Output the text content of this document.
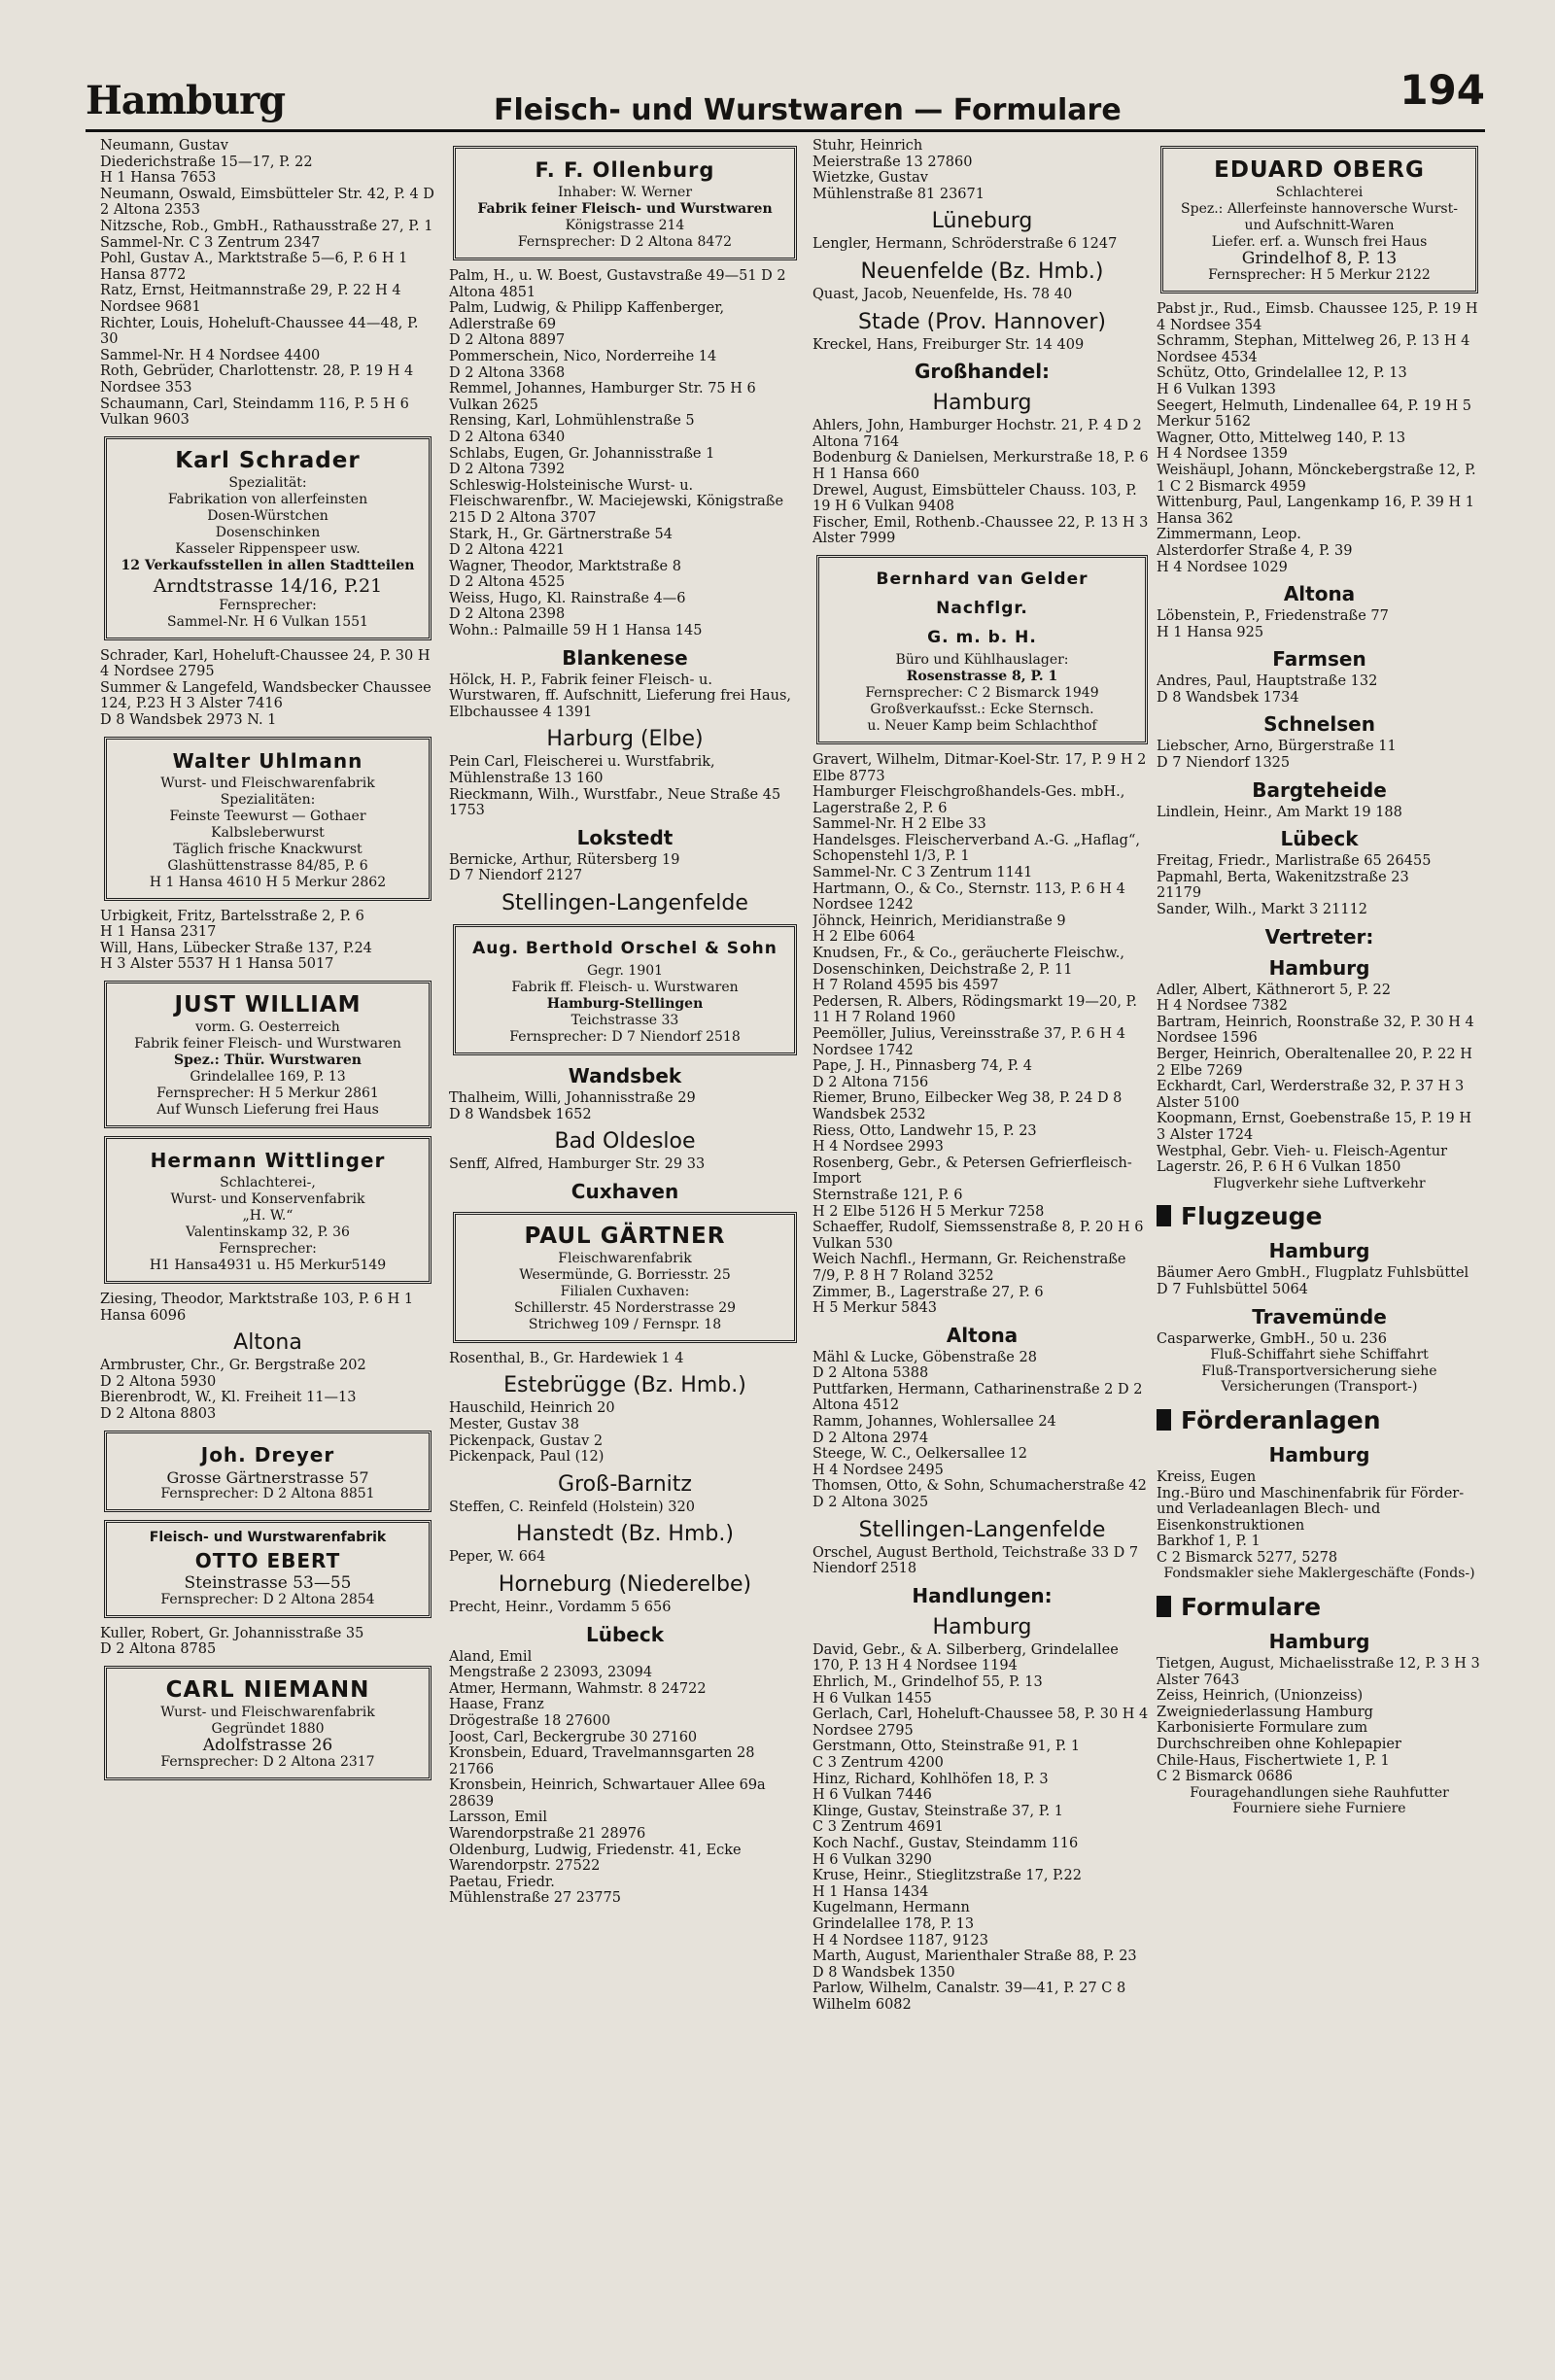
Hamburg	Fleisch- und Wurstwaren — Formulare	194

Neumann, Gustav

Diederichstraße 15—17, P. 22

H 1 Hansa 7653

Neumann, Oswald, Eimsbütteler Str. 42, P. 4 D 2 Altona 2353

Nitzsche, Rob., GmbH., Rathausstraße 27, P. 1

Sammel-Nr. C 3 Zentrum 2347

Pohl, Gustav A., Marktstraße 5—6, P. 6 H 1 Hansa 8772

Ratz, Ernst, Heitmannstraße 29, P. 22 H 4 Nordsee 9681

Richter, Louis, Hoheluft-Chaussee 44—48, P. 30

Sammel-Nr. H 4 Nordsee 4400

Roth, Gebrüder, Charlottenstr. 28, P. 19 H 4 Nordsee 353

Schaumann, Carl, Steindamm 116, P. 5 H 6 Vulkan 9603

Karl Schrader
Spezialität:
Fabrikation von allerfeinsten
Dosen-Würstchen
Dosenschinken
Kasseler Rippenspeer usw.
12 Verkaufsstellen in allen Stadtteilen
Arndtstrasse 14/16, P.21
Fernsprecher:
Sammel-Nr. H 6 Vulkan 1551

Schrader, Karl, Hoheluft-Chaussee 24, P. 30 H 4 Nordsee 2795

Summer & Langefeld, Wandsbecker Chaussee 124, P.23 H 3 Alster 7416

D 8 Wandsbek 2973 N. 1

Walter Uhlmann
Wurst- und Fleischwarenfabrik
Spezialitäten:
Feinste Teewurst — Gothaer
Kalbsleberwurst
Täglich frische Knackwurst
Glashüttenstrasse 84/85, P. 6
H 1 Hansa 4610 H 5 Merkur 2862

Urbigkeit, Fritz, Bartelsstraße 2, P. 6

H 1 Hansa 2317

Will, Hans, Lübecker Straße 137, P.24

H 3 Alster 5537 H 1 Hansa 5017

JUST WILLIAM
vorm. G. Oesterreich
Fabrik feiner Fleisch- und Wurstwaren
Spez.: Thür. Wurstwaren
Grindelallee 169, P. 13
Fernsprecher: H 5 Merkur 2861
Auf Wunsch Lieferung frei Haus
Hermann Wittlinger
Schlachterei-,
Wurst- und Konservenfabrik
„H. W.“
Valentinskamp 32, P. 36
Fernsprecher:
H1 Hansa4931 u. H5 Merkur5149

Ziesing, Theodor, Marktstraße 103, P. 6 H 1 Hansa 6096

Altona

Armbruster, Chr., Gr. Bergstraße 202

D 2 Altona 5930

Bierenbrodt, W., Kl. Freiheit 11—13

D 2 Altona 8803

Joh. Dreyer
Grosse Gärtnerstrasse 57
Fernsprecher: D 2 Altona 8851
Fleisch- und Wurstwarenfabrik
OTTO EBERT
Steinstrasse 53—55
Fernsprecher: D 2 Altona 2854

Kuller, Robert, Gr. Johannisstraße 35

D 2 Altona 8785

CARL NIEMANN
Wurst- und Fleischwarenfabrik
Gegründet 1880
Adolfstrasse 26
Fernsprecher: D 2 Altona 2317
F. F. Ollenburg
Inhaber: W. Werner
Fabrik feiner Fleisch- und Wurstwaren
Königstrasse 214
Fernsprecher: D 2 Altona 8472

Palm, H., u. W. Boest, Gustavstraße 49—51 D 2 Altona 4851

Palm, Ludwig, & Philipp Kaffenberger, Adlerstraße 69

D 2 Altona 8897

Pommerschein, Nico, Norderreihe 14

D 2 Altona 3368

Remmel, Johannes, Hamburger Str. 75 H 6 Vulkan 2625

Rensing, Karl, Lohmühlenstraße 5

D 2 Altona 6340

Schlabs, Eugen, Gr. Johannisstraße 1

D 2 Altona 7392

Schleswig-Holsteinische Wurst- u. Fleischwarenfbr., W. Maciejewski, Königstraße 215 D 2 Altona 3707

Stark, H., Gr. Gärtnerstraße 54

D 2 Altona 4221

Wagner, Theodor, Marktstraße 8

D 2 Altona 4525

Weiss, Hugo, Kl. Rainstraße 4—6

D 2 Altona 2398

Wohn.: Palmaille 59 H 1 Hansa 145

Blankenese

Hölck, H. P., Fabrik feiner Fleisch- u. Wurstwaren, ff. Aufschnitt, Lieferung frei Haus, Elbchaussee 4 1391

Harburg (Elbe)

Pein Carl, Fleischerei u. Wurstfabrik, Mühlenstraße 13 160

Rieckmann, Wilh., Wurstfabr., Neue Straße 45 1753

Lokstedt

Bernicke, Arthur, Rütersberg 19

D 7 Niendorf 2127

Stellingen-Langenfelde
Aug. Berthold Orschel & Sohn
Gegr. 1901
Fabrik ff. Fleisch- u. Wurstwaren
Hamburg-Stellingen
Teichstrasse 33
Fernsprecher: D 7 Niendorf 2518
Wandsbek

Thalheim, Willi, Johannisstraße 29

D 8 Wandsbek 1652

Bad Oldesloe

Senff, Alfred, Hamburger Str. 29 33

Cuxhaven
PAUL GÄRTNER
Fleischwarenfabrik
Wesermünde, G. Borriesstr. 25
Filialen Cuxhaven:
Schillerstr. 45 Norderstrasse 29
Strichweg 109 / Fernspr. 18

Rosenthal, B., Gr. Hardewiek 1 4

Estebrügge (Bz. Hmb.)

Hauschild, Heinrich 20

Mester, Gustav 38

Pickenpack, Gustav 2

Pickenpack, Paul (12)

Groß-Barnitz

Steffen, C. Reinfeld (Holstein) 320

Hanstedt (Bz. Hmb.)

Peper, W. 664

Horneburg (Niederelbe)

Precht, Heinr., Vordamm 5 656

Lübeck

Aland, Emil

Mengstraße 2 23093, 23094

Atmer, Hermann, Wahmstr. 8 24722

Haase, Franz

Drögestraße 18 27600

Joost, Carl, Beckergrube 30 27160

Kronsbein, Eduard, Travelmannsgarten 28 21766

Kronsbein, Heinrich, Schwartauer Allee 69a 28639

Larsson, Emil

Warendorpstraße 21 28976

Oldenburg, Ludwig, Friedenstr. 41, Ecke Warendorpstr. 27522

Paetau, Friedr.

Mühlenstraße 27 23775

Stuhr, Heinrich

Meierstraße 13 27860

Wietzke, Gustav

Mühlenstraße 81 23671

Lüneburg

Lengler, Hermann, Schröderstraße 6 1247

Neuenfelde (Bz. Hmb.)

Quast, Jacob, Neuenfelde, Hs. 78 40

Stade (Prov. Hannover)

Kreckel, Hans, Freiburger Str. 14 409

Großhandel:
Hamburg

Ahlers, John, Hamburger Hochstr. 21, P. 4 D 2 Altona 7164

Bodenburg & Danielsen, Merkurstraße 18, P. 6 H 1 Hansa 660

Drewel, August, Eimsbütteler Chauss. 103, P. 19 H 6 Vulkan 9408

Fischer, Emil, Rothenb.-Chaussee 22, P. 13 H 3 Alster 7999

Bernhard van Gelder Nachflgr.
G. m. b. H.
Büro und Kühlhauslager:
Rosenstrasse 8, P. 1
Fernsprecher: C 2 Bismarck 1949
Großverkaufsst.: Ecke Sternsch.
u. Neuer Kamp beim Schlachthof

Gravert, Wilhelm, Ditmar-Koel-Str. 17, P. 9 H 2 Elbe 8773

Hamburger Fleischgroßhandels-Ges. mbH., Lagerstraße 2, P. 6

Sammel-Nr. H 2 Elbe 33

Handelsges. Fleischerverband A.-G. „Haflag“, Schopenstehl 1/3, P. 1

Sammel-Nr. C 3 Zentrum 1141

Hartmann, O., & Co., Sternstr. 113, P. 6 H 4 Nordsee 1242

Jöhnck, Heinrich, Meridianstraße 9

H 2 Elbe 6064

Knudsen, Fr., & Co., geräucherte Fleischw., Dosenschinken, Deichstraße 2, P. 11

H 7 Roland 4595 bis 4597

Pedersen, R. Albers, Rödingsmarkt 19—20, P. 11 H 7 Roland 1960

Peemöller, Julius, Vereinsstraße 37, P. 6 H 4 Nordsee 1742

Pape, J. H., Pinnasberg 74, P. 4

D 2 Altona 7156

Riemer, Bruno, Eilbecker Weg 38, P. 24 D 8 Wandsbek 2532

Riess, Otto, Landwehr 15, P. 23

H 4 Nordsee 2993

Rosenberg, Gebr., & Petersen Gefrierfleisch-Import

Sternstraße 121, P. 6

H 2 Elbe 5126 H 5 Merkur 7258

Schaeffer, Rudolf, Siemssenstraße 8, P. 20 H 6 Vulkan 530

Weich Nachfl., Hermann, Gr. Reichenstraße 7/9, P. 8 H 7 Roland 3252

Zimmer, B., Lagerstraße 27, P. 6

H 5 Merkur 5843

Altona

Mähl & Lucke, Göbenstraße 28

D 2 Altona 5388

Puttfarken, Hermann, Catharinenstraße 2 D 2 Altona 4512

Ramm, Johannes, Wohlersallee 24

D 2 Altona 2974

Steege, W. C., Oelkersallee 12

H 4 Nordsee 2495

Thomsen, Otto, & Sohn, Schumacherstraße 42 D 2 Altona 3025

Stellingen-Langenfelde

Orschel, August Berthold, Teichstraße 33 D 7 Niendorf 2518

Handlungen:
Hamburg

David, Gebr., & A. Silberberg, Grindelallee 170, P. 13 H 4 Nordsee 1194

Ehrlich, M., Grindelhof 55, P. 13

H 6 Vulkan 1455

Gerlach, Carl, Hoheluft-Chaussee 58, P. 30 H 4 Nordsee 2795

Gerstmann, Otto, Steinstraße 91, P. 1

C 3 Zentrum 4200

Hinz, Richard, Kohlhöfen 18, P. 3

H 6 Vulkan 7446

Klinge, Gustav, Steinstraße 37, P. 1

C 3 Zentrum 4691

Koch Nachf., Gustav, Steindamm 116

H 6 Vulkan 3290

Kruse, Heinr., Stieglitzstraße 17, P.22

H 1 Hansa 1434

Kugelmann, Hermann

Grindelallee 178, P. 13

H 4 Nordsee 1187, 9123

Marth, August, Marienthaler Straße 88, P. 23 D 8 Wandsbek 1350

Parlow, Wilhelm, Canalstr. 39—41, P. 27 C 8 Wilhelm 6082

EDUARD OBERG
Schlachterei
Spez.: Allerfeinste hannoversche Wurst- und Aufschnitt-Waren
Liefer. erf. a. Wunsch frei Haus
Grindelhof 8, P. 13
Fernsprecher: H 5 Merkur 2122

Pabst jr., Rud., Eimsb. Chaussee 125, P. 19 H 4 Nordsee 354

Schramm, Stephan, Mittelweg 26, P. 13 H 4 Nordsee 4534

Schütz, Otto, Grindelallee 12, P. 13

H 6 Vulkan 1393

Seegert, Helmuth, Lindenallee 64, P. 19 H 5 Merkur 5162

Wagner, Otto, Mittelweg 140, P. 13

H 4 Nordsee 1359

Weishäupl, Johann, Mönckebergstraße 12, P. 1 C 2 Bismarck 4959

Wittenburg, Paul, Langenkamp 16, P. 39 H 1 Hansa 362

Zimmermann, Leop.

Alsterdorfer Straße 4, P. 39

H 4 Nordsee 1029

Altona

Löbenstein, P., Friedenstraße 77

H 1 Hansa 925

Farmsen

Andres, Paul, Hauptstraße 132

D 8 Wandsbek 1734

Schnelsen

Liebscher, Arno, Bürgerstraße 11

D 7 Niendorf 1325

Bargteheide

Lindlein, Heinr., Am Markt 19 188

Lübeck

Freitag, Friedr., Marlistraße 65 26455

Papmahl, Berta, Wakenitzstraße 23

21179

Sander, Wilh., Markt 3 21112

Vertreter:
Hamburg

Adler, Albert, Käthnerort 5, P. 22

H 4 Nordsee 7382

Bartram, Heinrich, Roonstraße 32, P. 30 H 4 Nordsee 1596

Berger, Heinrich, Oberaltenallee 20, P. 22 H 2 Elbe 7269

Eckhardt, Carl, Werderstraße 32, P. 37 H 3 Alster 5100

Koopmann, Ernst, Goebenstraße 15, P. 19 H 3 Alster 1724

Westphal, Gebr. Vieh- u. Fleisch-Agentur

Lagerstr. 26, P. 6 H 6 Vulkan 1850

Flugverkehr siehe Luftverkehr
Flugzeuge
Hamburg

Bäumer Aero GmbH., Flugplatz Fuhlsbüttel D 7 Fuhlsbüttel 5064

Travemünde

Casparwerke, GmbH., 50 u. 236

Fluß-Schiffahrt siehe Schiffahrt
Fluß-Transportversicherung siehe Versicherungen (Transport-)
Förderanlagen
Hamburg

Kreiss, Eugen

Ing.-Büro und Maschinenfabrik für Förder- und Verladeanlagen Blech- und Eisenkonstruktionen

Barkhof 1, P. 1

C 2 Bismarck 5277, 5278

Fondsmakler siehe Maklergeschäfte (Fonds-)
Formulare
Hamburg

Tietgen, August, Michaelisstraße 12, P. 3 H 3 Alster 7643

Zeiss, Heinrich, (Unionzeiss) Zweigniederlassung Hamburg

Karbonisierte Formulare zum Durchschreiben ohne Kohlepapier

Chile-Haus, Fischertwiete 1, P. 1

C 2 Bismarck 0686

Fouragehandlungen siehe Rauhfutter
Fourniere siehe Furniere
